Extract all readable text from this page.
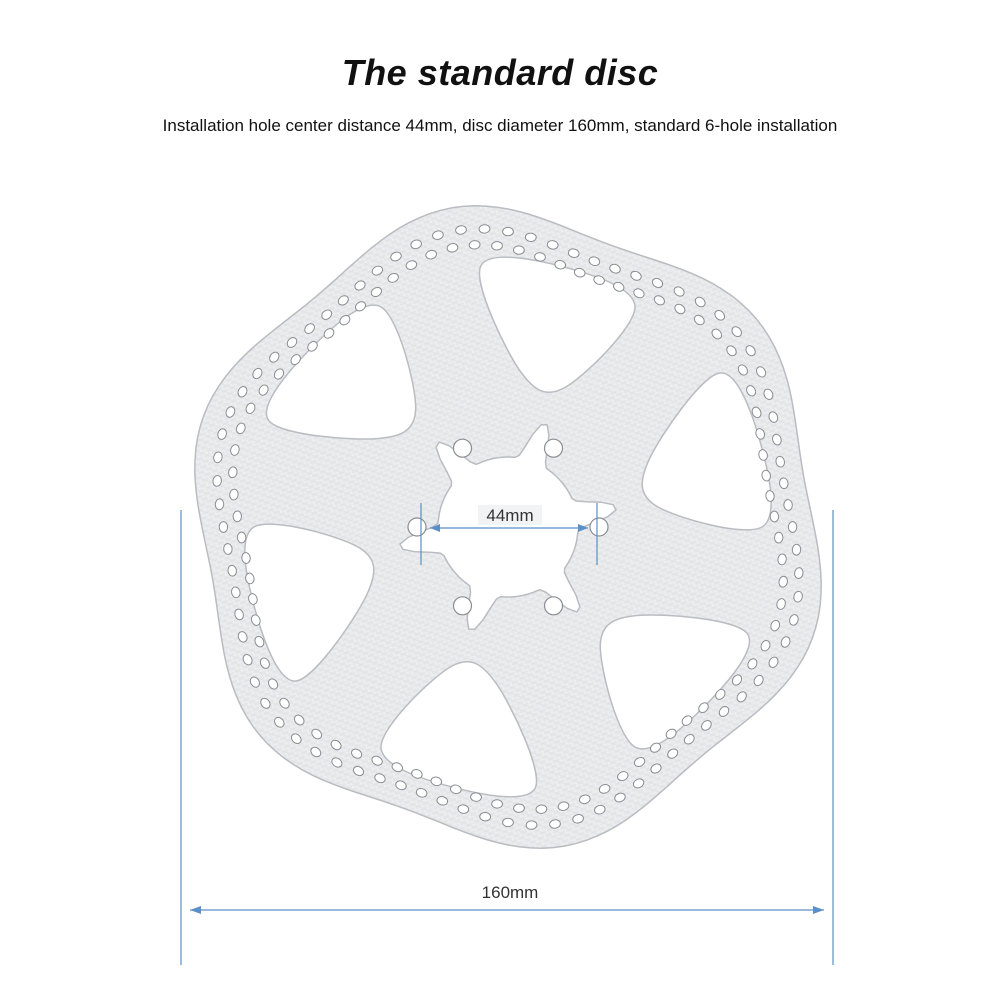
The standard disc
Installation hole center distance 44mm, disc diameter 160mm, standard 6-hole installation
44mm
160mm
